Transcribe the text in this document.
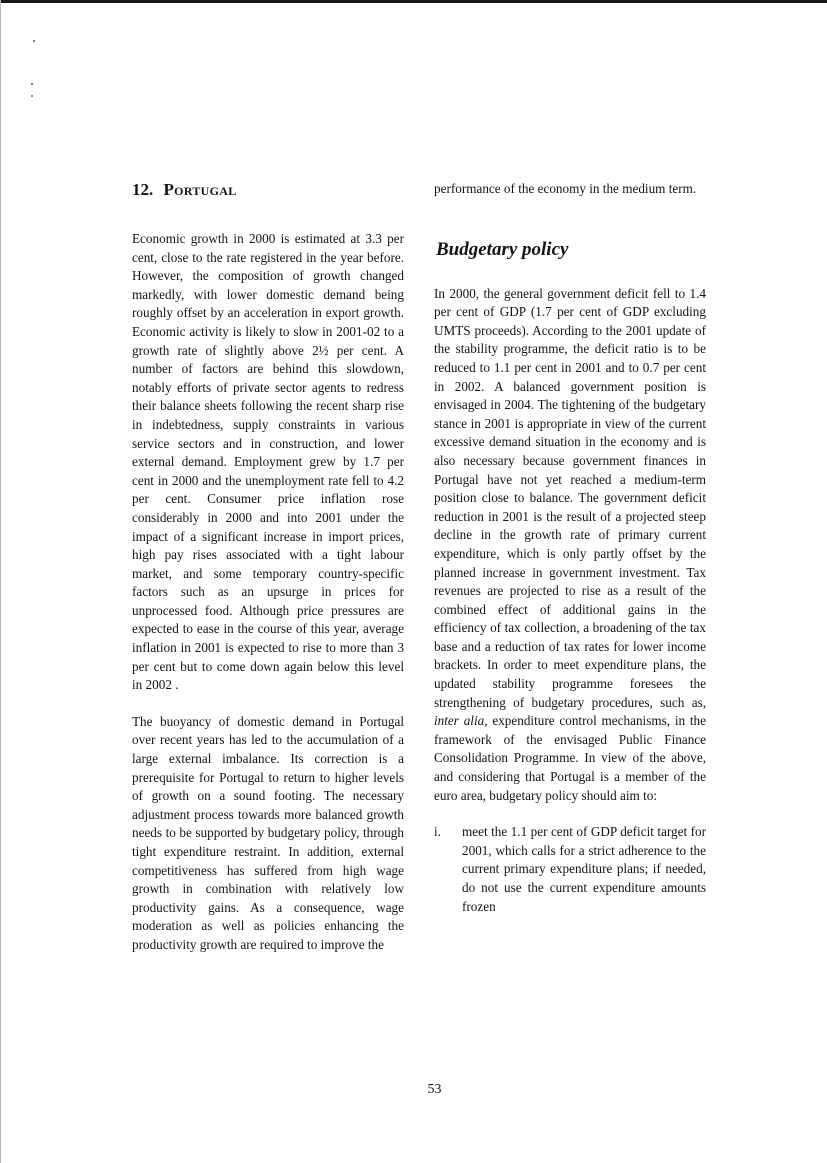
12. Portugal

Economic growth in 2000 is estimated at 3.3 per cent, close to the rate registered in the year before. However, the composition of growth changed markedly, with lower domestic demand being roughly offset by an acceleration in export growth. Economic activity is likely to slow in 2001-02 to a growth rate of slightly above 2½ per cent. A number of factors are behind this slowdown, notably efforts of private sector agents to redress their balance sheets following the recent sharp rise in indebtedness, supply constraints in various service sectors and in construction, and lower external demand. Employment grew by 1.7 per cent in 2000 and the unemployment rate fell to 4.2 per cent. Consumer price inflation rose considerably in 2000 and into 2001 under the impact of a significant increase in import prices, high pay rises associated with a tight labour market, and some temporary country-specific factors such as an upsurge in prices for unprocessed food. Although price pressures are expected to ease in the course of this year, average inflation in 2001 is expected to rise to more than 3 per cent but to come down again below this level in 2002 .

The buoyancy of domestic demand in Portugal over recent years has led to the accumulation of a large external imbalance. Its correction is a prerequisite for Portugal to return to higher levels of growth on a sound footing. The necessary adjustment process towards more balanced growth needs to be supported by budgetary policy, through tight expenditure restraint. In addition, external competitiveness has suffered from high wage growth in combination with relatively low productivity gains. As a consequence, wage moderation as well as policies enhancing the productivity growth are required to improve the

performance of the economy in the medium term.

Budgetary policy

In 2000, the general government deficit fell to 1.4 per cent of GDP (1.7 per cent of GDP excluding UMTS proceeds). According to the 2001 update of the stability programme, the deficit ratio is to be reduced to 1.1 per cent in 2001 and to 0.7 per cent in 2002. A balanced government position is envisaged in 2004. The tightening of the budgetary stance in 2001 is appropriate in view of the current excessive demand situation in the economy and is also necessary because government finances in Portugal have not yet reached a medium-term position close to balance. The government deficit reduction in 2001 is the result of a projected steep decline in the growth rate of primary current expenditure, which is only partly offset by the planned increase in government investment. Tax revenues are projected to rise as a result of the combined effect of additional gains in the efficiency of tax collection, a broadening of the tax base and a reduction of tax rates for lower income brackets. In order to meet expenditure plans, the updated stability programme foresees the strengthening of budgetary procedures, such as, inter alia, expenditure control mechanisms, in the framework of the envisaged Public Finance Consolidation Programme. In view of the above, and considering that Portugal is a member of the euro area, budgetary policy should aim to:

i. meet the 1.1 per cent of GDP deficit target for 2001, which calls for a strict adherence to the current primary expenditure plans; if needed, do not use the current expenditure amounts frozen

53
